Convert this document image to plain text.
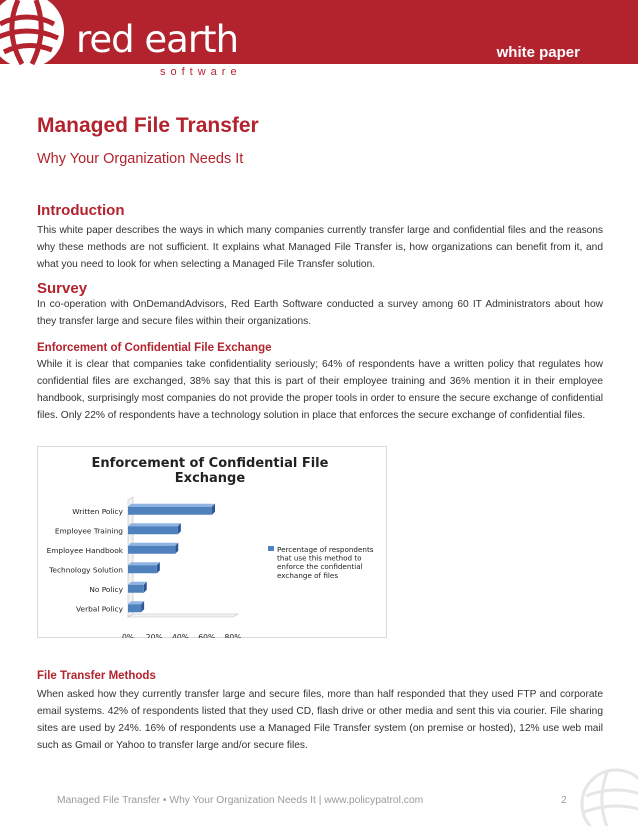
red earth	white paper
software
Managed File Transfer
Why Your Organization Needs It
Introduction

This white paper describes the ways in which many companies currently transfer large and confidential files and the reasons why these methods are not sufficient. It explains what Managed File Transfer is, how organizations can benefit from it, and what you need to look for when selecting a Managed File Transfer solution.

Survey

In co-operation with OnDemandAdvisors, Red Earth Software conducted a survey among 60 IT Administrators about how they transfer large and secure files within their organizations.

Enforcement of Confidential File Exchange

While it is clear that companies take confidentiality seriously; 64% of respondents have a written policy that regulates how confidential files are exchanged, 38% say that this is part of their employee training and 36% mention it in their employee handbook, surprisingly most companies do not provide the proper tools in order to ensure the secure exchange of confidential files. Only 22% of respondents have a technology solution in place that enforces the secure exchange of confidential files.

Enforcement of Confidential File
Exchange
Written Policy
Employee Training
Employee Handbook
Technology Solution
No Policy
Verbal Policy
0% 20% 40% 60% 80%
Percentage of respondents
that use this method to
enforce the confidential
exchange of files
File Transfer Methods

When asked how they currently transfer large and secure files, more than half responded that they used FTP and corporate email systems. 42% of respondents listed that they used CD, flash drive or other media and sent this via courier. File sharing sites are used by 24%. 16% of respondents use a Managed File Transfer system (on premise or hosted), 12% use web mail such as Gmail or Yahoo to transfer large and/or secure files.

Managed File Transfer • Why Your Organization Needs It | www.policypatrol.com	2
